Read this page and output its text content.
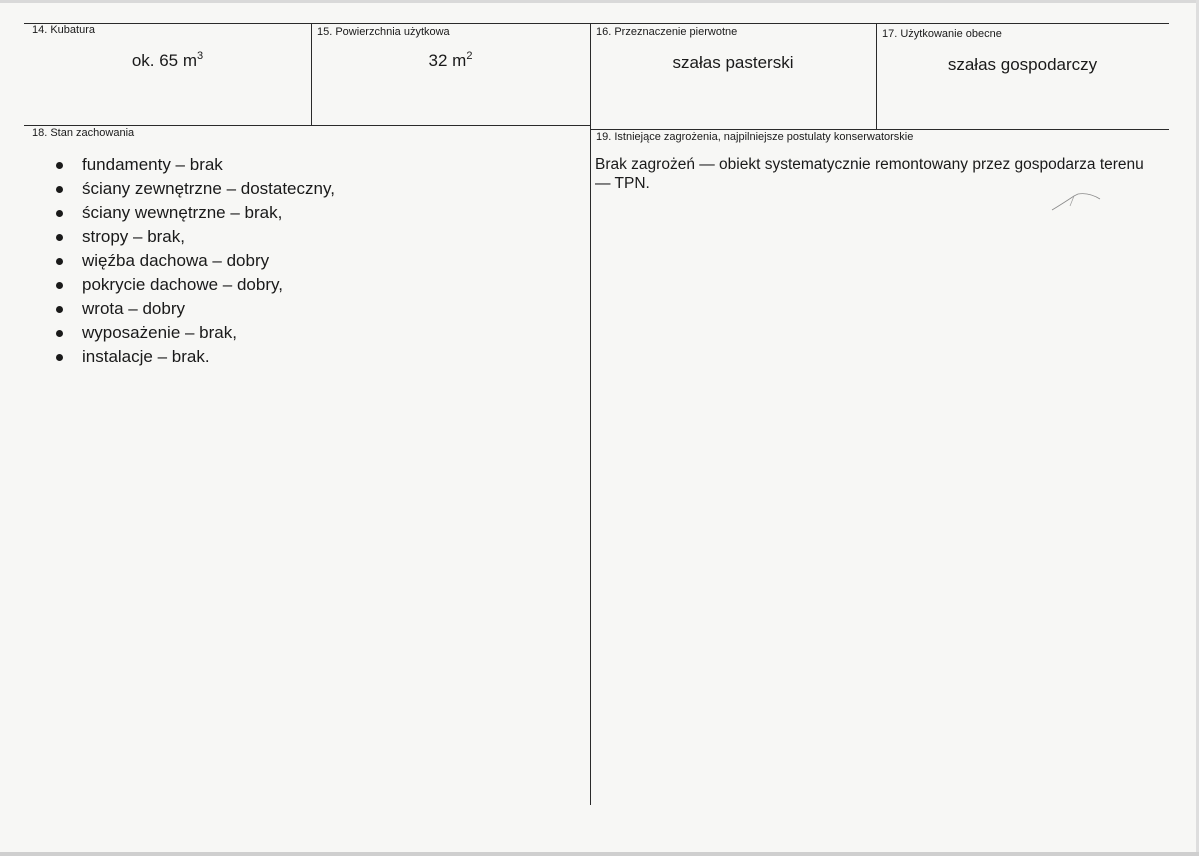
14. Kubatura
ok. 65 $m^3$
15. Powierzchnia użytkowa
32 $m^2$
16. Przeznaczenie pierwotne
szałas pasterski
17. Użytkowanie obecne
szałas gospodarczy
18. Stan zachowania
fundamenty – brak
ściany zewnętrzne – dostateczny,
ściany wewnętrzne – brak,
stropy – brak,
więźba dachowa – dobry
pokrycie dachowe – dobry,
wrota – dobry
wyposażenie – brak,
instalacje – brak.
19. Istniejące zagrożenia, najpilniejsze postulaty konserwatorskie
Brak zagrożeń — obiekt systematycznie remontowany przez gospodarza terenu — TPN.
